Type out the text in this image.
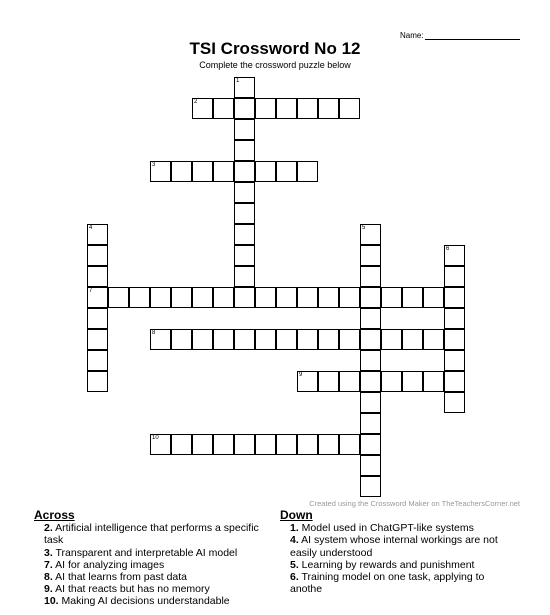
Name:
TSI Crossword No 12
Complete the crossword puzzle below
1
2
3
4
7
5
6
8
9
10
Created using the Crossword Maker on TheTeachersCorner.net
Across
2. Artificial intelligence that performs a specific task
3. Transparent and interpretable AI model
7. AI for analyzing images
8. AI that learns from past data
9. AI that reacts but has no memory
10. Making AI decisions understandable
Down
1. Model used in ChatGPT-like systems
4. AI system whose internal workings are not easily understood
5. Learning by rewards and punishment
6. Training model on one task, applying to anothe
